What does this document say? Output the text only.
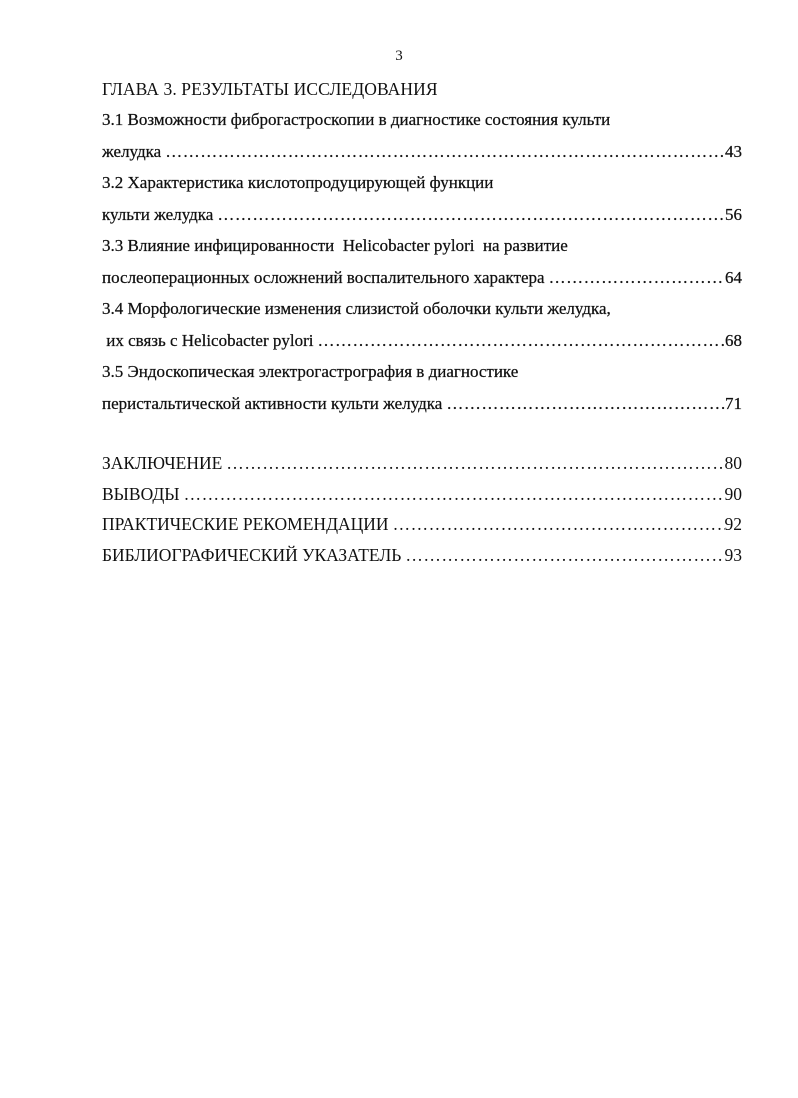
3
ГЛАВА 3. РЕЗУЛЬТАТЫ ИССЛЕДОВАНИЯ
3.1 Возможности фиброгастроскопии в диагностике состояния культи
желудка …………………………………………………………………………………………………………………………………………………………………………………………	43
3.2 Характеристика кислотопродуцирующей функции
культи желудка …………………………………………………………………………………………………………………………………………………………………………………………	56
3.3 Влияние инфицированности  Helicobacter pylori  на развитие
послеоперационных осложнений воспалительного характера …………………………………………………………………………………………………………………………………………………………………………………………	64
3.4 Морфологические изменения слизистой оболочки культи желудка,
их связь с Helicobacter pylori …………………………………………………………………………………………………………………………………………………………………………………………	68
3.5 Эндоскопическая электрогастрография в диагностике
перистальтической активности культи желудка …………………………………………………………………………………………………………………………………………………………………………………………	71
ЗАКЛЮЧЕНИЕ …………………………………………………………………………………………………………………………………………………………………………………………	80
ВЫВОДЫ …………………………………………………………………………………………………………………………………………………………………………………………	90
ПРАКТИЧЕСКИЕ РЕКОМЕНДАЦИИ …………………………………………………………………………………………………………………………………………………………………………………………	92
БИБЛИОГРАФИЧЕСКИЙ УКАЗАТЕЛЬ …………………………………………………………………………………………………………………………………………………………………………………………	93
